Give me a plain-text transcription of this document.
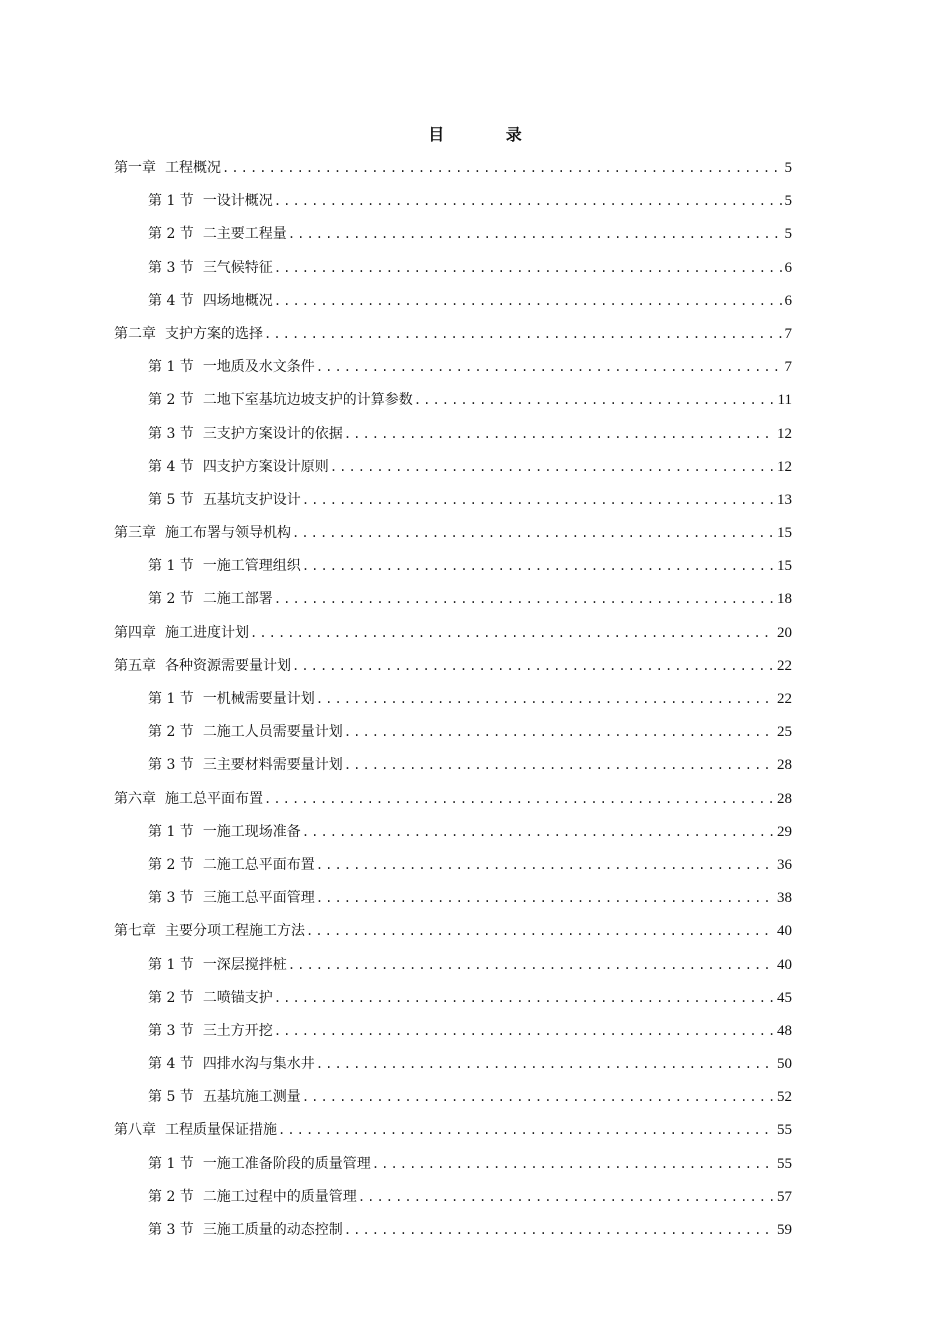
目 录
第一章 工程概况 .....	5
第 1 节 一设计概况 .....	5
第 2 节 二主要工程量 .....	5
第 3 节 三气候特征 .....	6
第 4 节 四场地概况 .....	6
第二章 支护方案的选择 .....	7
第 1 节 一地质及水文条件 .....	7
第 2 节 二地下室基坑边坡支护的计算参数 .....	11
第 3 节 三支护方案设计的依据 .....	12
第 4 节 四支护方案设计原则 .....	12
第 5 节 五基坑支护设计 .....	13
第三章 施工布署与领导机构 .....	15
第 1 节 一施工管理组织 .....	15
第 2 节 二施工部署 .....	18
第四章 施工进度计划 .....	20
第五章 各种资源需要量计划 .....	22
第 1 节 一机械需要量计划 .....	22
第 2 节 二施工人员需要量计划 .....	25
第 3 节 三主要材料需要量计划 .....	28
第六章 施工总平面布置 .....	28
第 1 节 一施工现场准备 .....	29
第 2 节 二施工总平面布置 .....	36
第 3 节 三施工总平面管理 .....	38
第七章 主要分项工程施工方法 .....	40
第 1 节 一深层搅拌桩 .....	40
第 2 节 二喷锚支护 .....	45
第 3 节 三土方开挖 .....	48
第 4 节 四排水沟与集水井 .....	50
第 5 节 五基坑施工测量 .....	52
第八章 工程质量保证措施 .....	55
第 1 节 一施工准备阶段的质量管理 .....	55
第 2 节 二施工过程中的质量管理 .....	57
第 3 节 三施工质量的动态控制 .....	59
